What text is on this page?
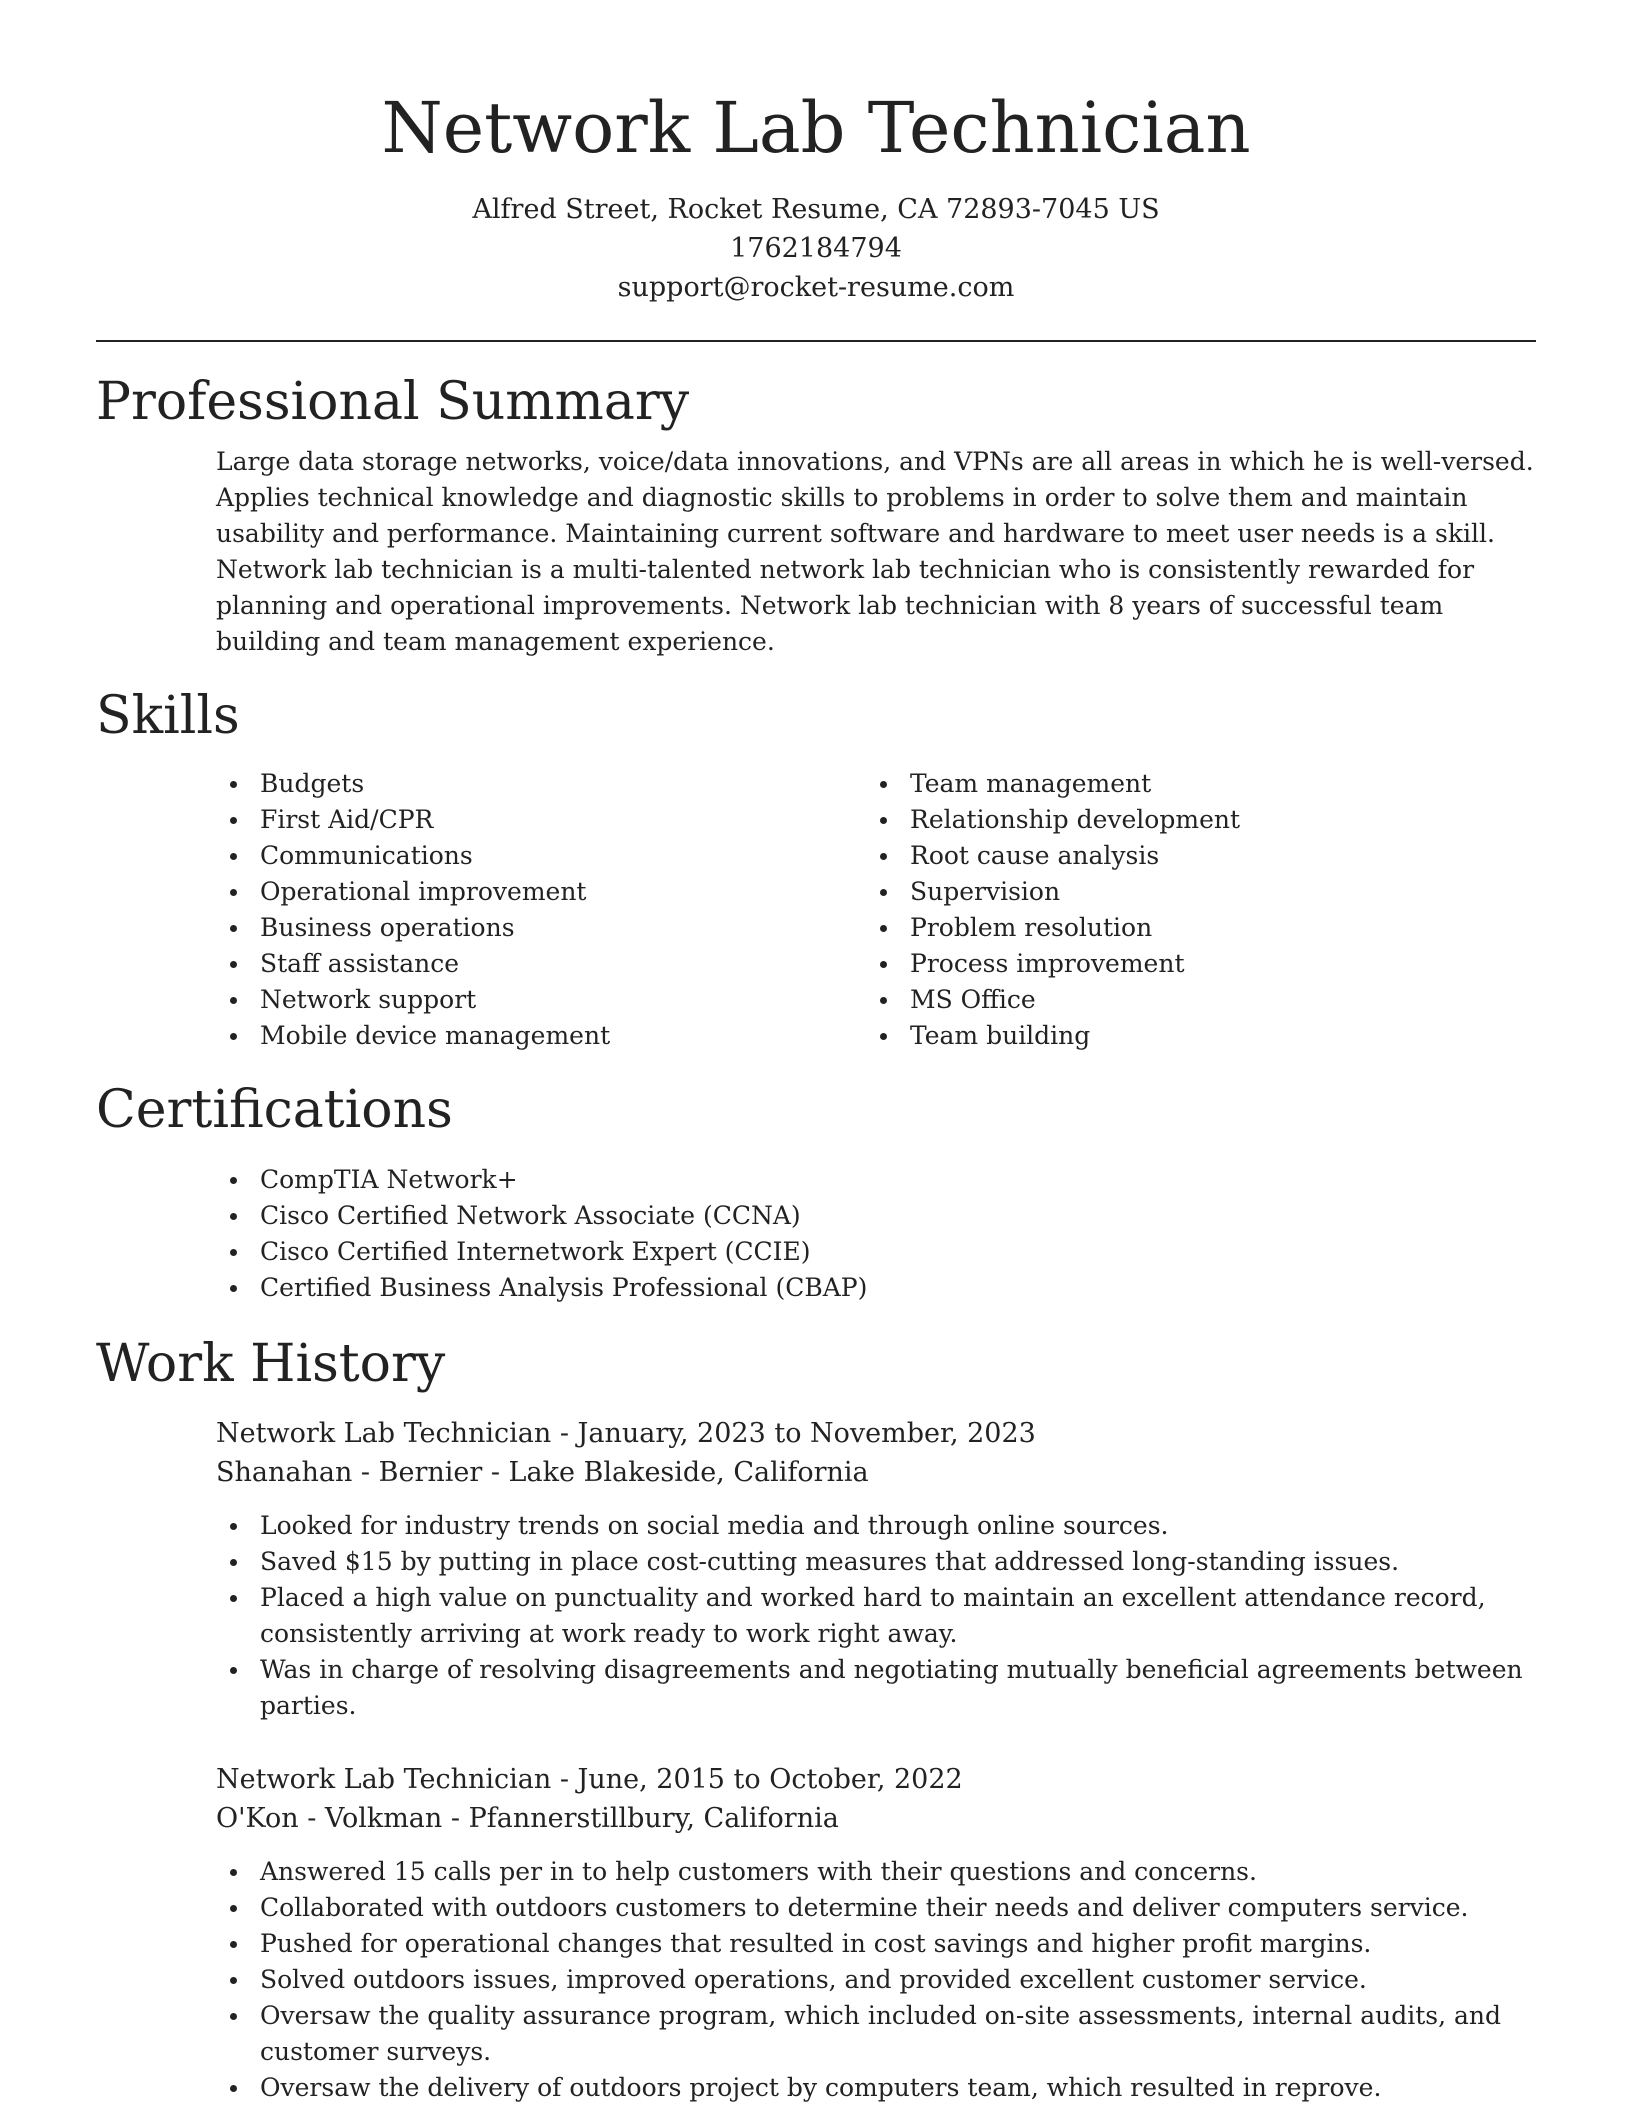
Network Lab Technician
Alfred Street, Rocket Resume, CA 72893-7045 US
1762184794
support@rocket-resume.com
Professional Summary

Large data storage networks, voice/data innovations, and VPNs are all areas in which he is well-versed. Applies technical knowledge and diagnostic skills to problems in order to solve them and maintain usability and performance. Maintaining current software and hardware to meet user needs is a skill. Network lab technician is a multi-talented network lab technician who is consistently rewarded for planning and operational improvements. Network lab technician with 8 years of successful team building and team management experience.

Skills
Budgets
First Aid/CPR
Communications
Operational improvement
Business operations
Staff assistance
Network support
Mobile device management
Team management
Relationship development
Root cause analysis
Supervision
Problem resolution
Process improvement
MS Office
Team building
Certifications
CompTIA Network+
Cisco Certified Network Associate (CCNA)
Cisco Certified Internetwork Expert (CCIE)
Certified Business Analysis Professional (CBAP)
Work History
Network Lab Technician - January, 2023 to November, 2023
Shanahan - Bernier - Lake Blakeside, California
Looked for industry trends on social media and through online sources.
Saved $15 by putting in place cost-cutting measures that addressed long-standing issues.
Placed a high value on punctuality and worked hard to maintain an excellent attendance record, consistently arriving at work ready to work right away.
Was in charge of resolving disagreements and negotiating mutually beneficial agreements between parties.
Network Lab Technician - June, 2015 to October, 2022
O'Kon - Volkman - Pfannerstillbury, California
Answered 15 calls per in to help customers with their questions and concerns.
Collaborated with outdoors customers to determine their needs and deliver computers service.
Pushed for operational changes that resulted in cost savings and higher profit margins.
Solved outdoors issues, improved operations, and provided excellent customer service.
Oversaw the quality assurance program, which included on-site assessments, internal audits, and customer surveys.
Oversaw the delivery of outdoors project by computers team, which resulted in reprove.
